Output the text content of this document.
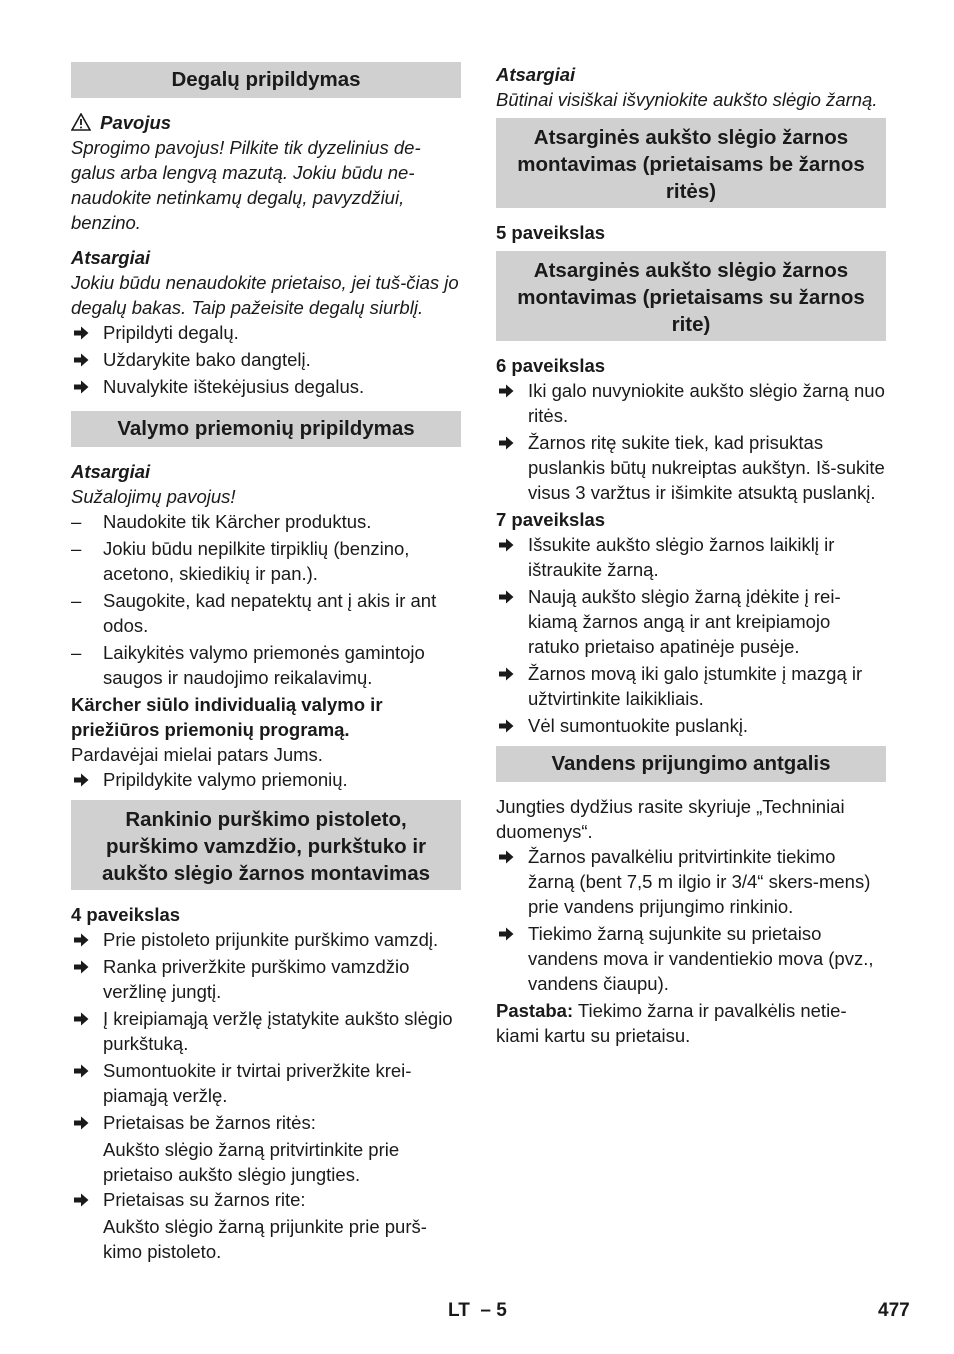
Degalų pripildymas
Pavojus

Sprogimo pavojus! Pilkite tik dyzelinius de-galus arba lengvą mazutą. Jokiu būdu ne-naudokite netinkamų degalų, pavyzdžiui, benzino.

Atsargiai

Jokiu būdu nenaudokite prietaiso, jei tuš-čias jo degalų bakas. Taip pažeisite degalų siurblį.

Pripildyti degalų.
Uždarykite bako dangtelį.
Nuvalykite ištekėjusius degalus.
Valymo priemonių pripildymas

Atsargiai

Sužalojimų pavojus!

–	Naudokite tik Kärcher produktus.
–	Jokiu būdu nepilkite tirpiklių (benzino, acetono, skiedikių ir pan.).
–	Saugokite, kad nepatektų ant į akis ir ant odos.
–	Laikykitės valymo priemonės gamintojo saugos ir naudojimo reikalavimų.

Kärcher siūlo individualią valymo ir priežiūros priemonių programą.

Pardavėjai mielai patars Jums.

Pripildykite valymo priemonių.
Rankinio purškimo pistoleto, purškimo vamzdžio, purkštuko ir aukšto slėgio žarnos montavimas

4 paveikslas

Prie pistoleto prijunkite purškimo vamzdį.
Ranka priveržkite purškimo vamzdžio veržlinę jungtį.
Į kreipiamąją veržlę įstatykite aukšto slėgio purkštuką.
Sumontuokite ir tvirtai priveržkite krei-piamąją veržlę.
Prietaisas be žarnos ritės:

Aukšto slėgio žarną pritvirtinkite prie prietaiso aukšto slėgio jungties.

Prietaisas su žarnos rite:

Aukšto slėgio žarną prijunkite prie purš-kimo pistoleto.

Atsargiai

Būtinai visiškai išvyniokite aukšto slėgio žarną.

Atsarginės aukšto slėgio žarnos montavimas (prietaisams be žarnos ritės)

5 paveikslas

Atsarginės aukšto slėgio žarnos montavimas (prietaisams su žarnos rite)

6 paveikslas

Iki galo nuvyniokite aukšto slėgio žarną nuo ritės.
Žarnos ritę sukite tiek, kad prisuktas puslankis būtų nukreiptas aukštyn. Iš-sukite visus 3 varžtus ir išimkite atsuktą puslankį.

7 paveikslas

Išsukite aukšto slėgio žarnos laikiklį ir ištraukite žarną.
Naują aukšto slėgio žarną įdėkite į rei-kiamą žarnos angą ir ant kreipiamojo ratuko prietaiso apatinėje pusėje.
Žarnos movą iki galo įstumkite į mazgą ir užtvirtinkite laikikliais.
Vėl sumontuokite puslankį.
Vandens prijungimo antgalis

Jungties dydžius rasite skyriuje „Techniniai duomenys“.

Žarnos pavalkėliu pritvirtinkite tiekimo žarną (bent 7,5 m ilgio ir 3/4“ skers-mens) prie vandens prijungimo rinkinio.
Tiekimo žarną sujunkite su prietaiso vandens mova ir vandentiekio mova (pvz., vandens čiaupu).

Pastaba: Tiekimo žarna ir pavalkėlis netie-kiami kartu su prietaisu.

LT – 5	477
